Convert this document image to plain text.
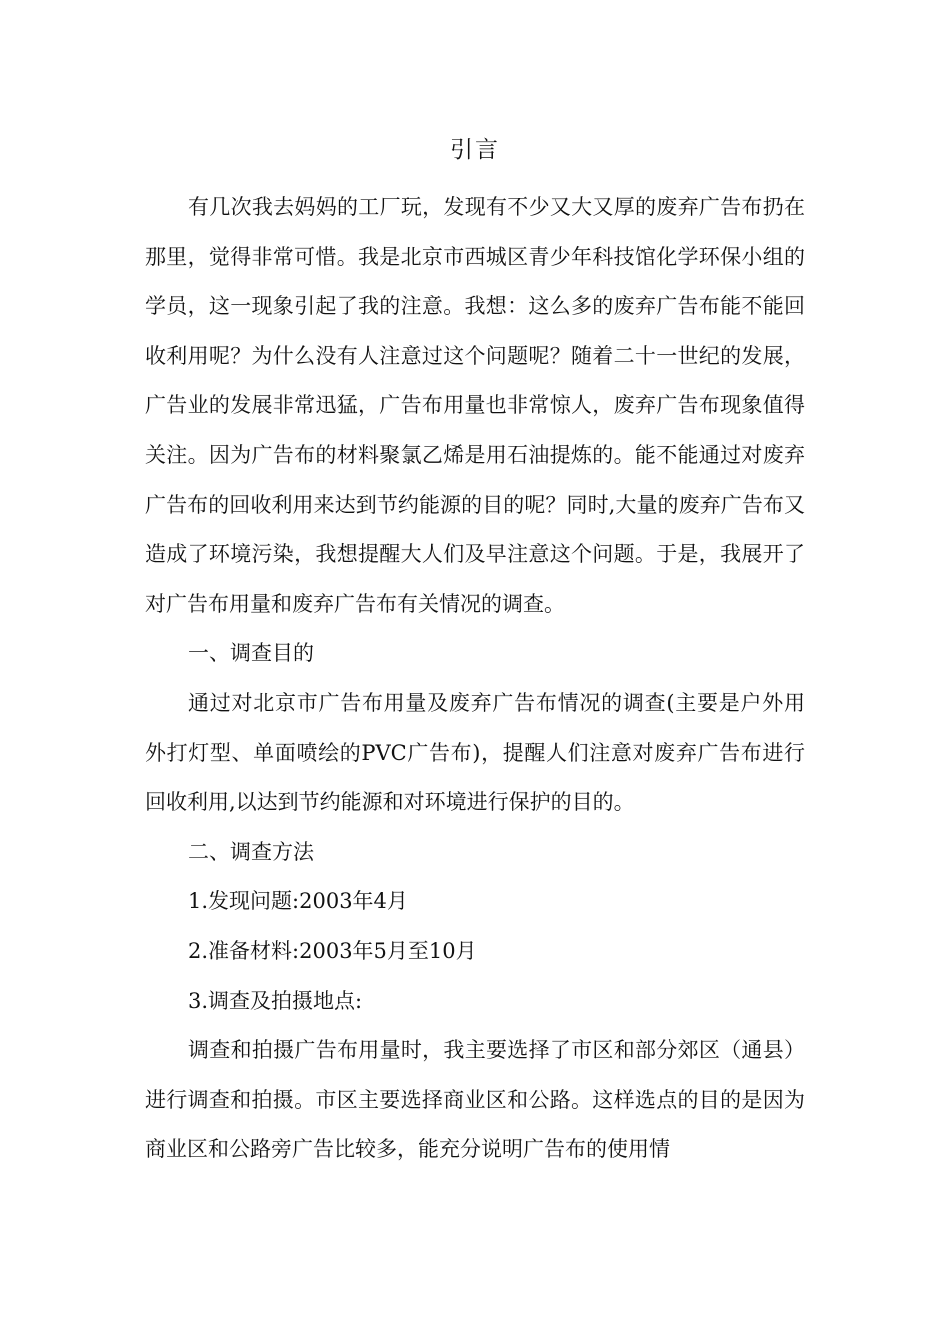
引言

有几次我去妈妈的工厂玩，发现有不少又大又厚的废弃广告布扔在那里，觉得非常可惜。我是北京市西城区青少年科技馆化学环保小组的学员，这一现象引起了我的注意。我想：这么多的废弃广告布能不能回收利用呢？为什么没有人注意过这个问题呢？随着二十一世纪的发展，广告业的发展非常迅猛，广告布用量也非常惊人，废弃广告布现象值得关注。因为广告布的材料聚氯乙烯是用石油提炼的。能不能通过对废弃广告布的回收利用来达到节约能源的目的呢？同时,大量的废弃广告布又造成了环境污染，我想提醒大人们及早注意这个问题。于是，我展开了对广告布用量和废弃广告布有关情况的调查。

一、调查目的

通过对北京市广告布用量及废弃广告布情况的调查(主要是户外用外打灯型、单面喷绘的PVC广告布)，提醒人们注意对废弃广告布进行回收利用,以达到节约能源和对环境进行保护的目的。

二、调查方法

1.发现问题:2003年4月

2.准备材料:2003年5月至10月

3.调查及拍摄地点:

调查和拍摄广告布用量时，我主要选择了市区和部分郊区（通县）进行调查和拍摄。市区主要选择商业区和公路。这样选点的目的是因为商业区和公路旁广告比较多，能充分说明广告布的使用情
